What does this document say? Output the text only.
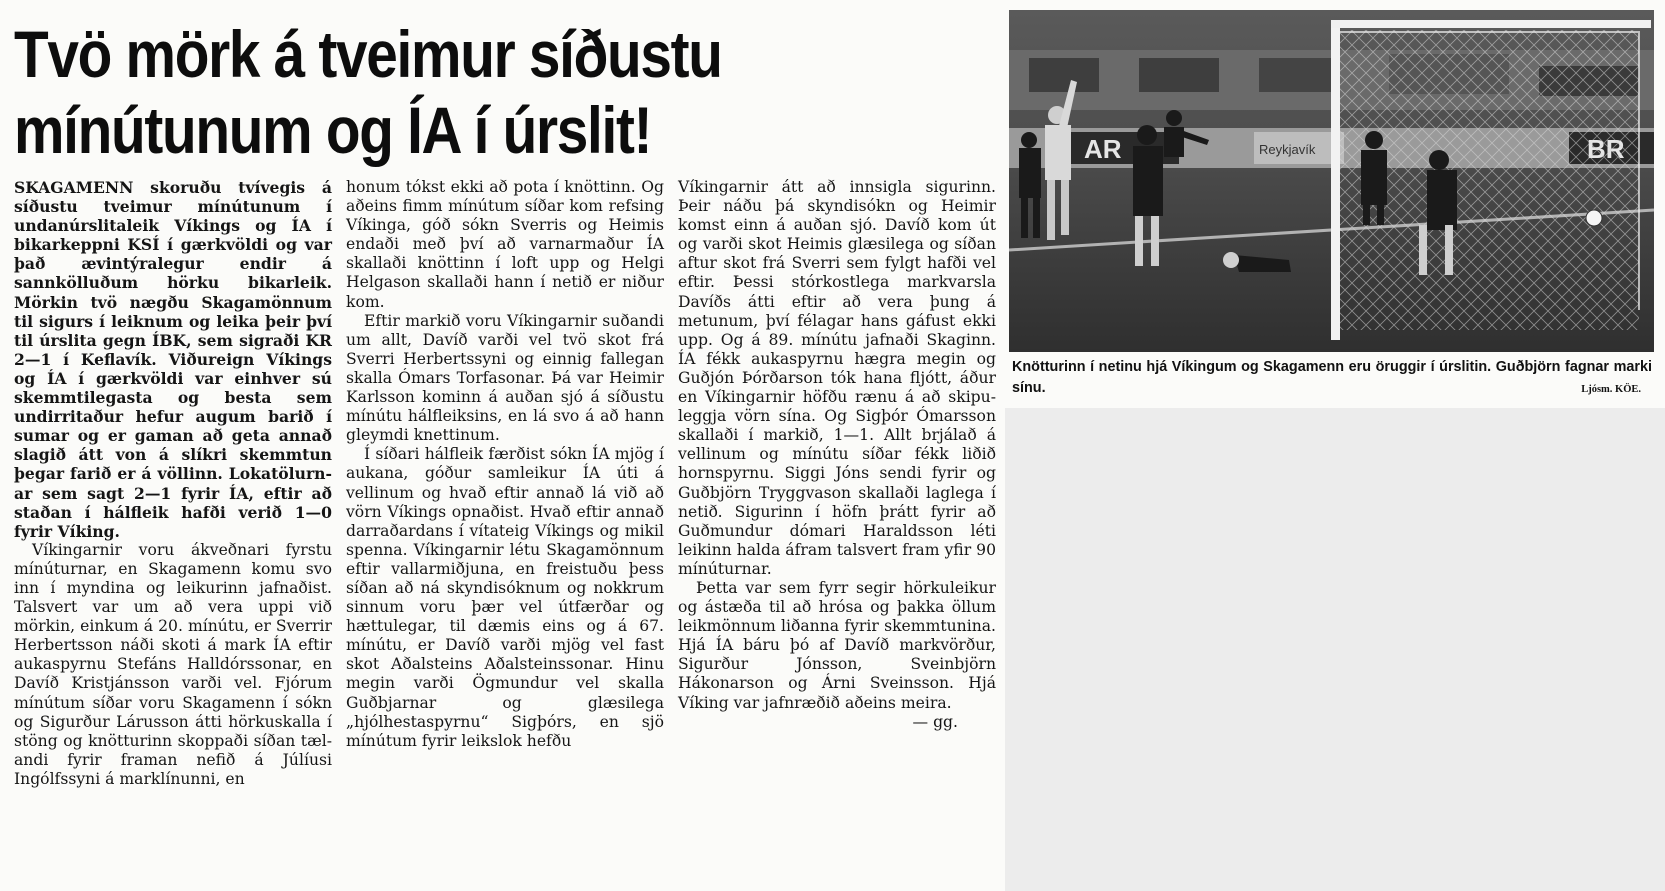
Tvö mörk á tveimur síðustu
mínútunum og ÍA í úrslit!

SKAGAMENN skoruðu tvívegis á síðustu tveimur mínútunum í undanúrslitaleik Víkings og ÍA í bikarkeppni KSÍ í gærkvöldi og var það ævintýralegur endir á sannkölluðum hörku bikarleik. Mörkin tvö nægðu Skagamönnum til sigurs í leiknum og leika þeir því til úrslita gegn ÍBK, sem sigraði KR 2—1 í Keflavík. Viðureign Víkings og ÍA í gærkvöldi var einhver sú skemmtilegasta og besta sem undirritaður hefur augum barið í sumar og er gaman að geta annað slagið átt von á slíkri skemmtun þegar farið er á völlinn. Lokatölurnar sem sagt 2—1 fyrir ÍA, eftir að staðan í hálfleik hafði verið 1—0 fyrir Víking.

Víkingarnir voru ákveðnari fyrstu mínúturnar, en Skagamenn komu svo inn í myndina og leikurinn jafnaðist. Talsvert var um að vera uppi við mörkin, einkum á 20. mínútu, er Sverrir Herbertsson náði skoti á mark ÍA eftir aukaspyrnu Stefáns Halldórssonar, en Davíð Kristjánsson varði vel. Fjórum mínútum síðar voru Skagamenn í sókn og Sigurður Lárusson átti hörkuskalla í stöng og knötturinn skoppaði síðan tælandi fyrir framan nefið á Júlíusi Ingólfssyni á marklínunni, en

honum tókst ekki að pota í knöttinn. Og aðeins fimm mínútum síðar kom refsing Víkinga, góð sókn Sverris og Heimis endaði með því að varnarmaður ÍA skallaði knöttinn í loft upp og Helgi Helgason skallaði hann í netið er niður kom.

Eftir markið voru Víkingarnir suðandi um allt, Davíð varði vel tvö skot frá Sverri Herbertssyni og einnig fallegan skalla Ómars Torfasonar. Þá var Heimir Karlsson kominn á auðan sjó á síðustu mínútu hálfleiksins, en lá svo á að hann gleymdi knettinum.

Í síðari hálfleik færðist sókn ÍA mjög í aukana, góður samleikur ÍA úti á vellinum og hvað eftir annað lá við að vörn Víkings opnaðist. Hvað eftir annað darraðardans í vítateig Víkings og mikil spenna. Víkingarnir létu Skagamönnum eftir vallarmiðjuna, en freistuðu þess síðan að ná skyndisóknum og nokkrum sinnum voru þær vel útfærðar og hættulegar, til dæmis eins og á 67. mínútu, er Davíð varði mjög vel fast skot Aðalsteins Aðalsteinssonar. Hinu megin varði Ögmundur vel skalla Guðbjarnar og glæsilega „hjólhestaspyrnu“ Sigþórs, en sjö mínútum fyrir leikslok hefðu

Víkingarnir átt að innsigla sigurinn. Þeir náðu þá skyndisókn og Heimir komst einn á auðan sjó. Davíð kom út og varði skot Heimis glæsilega og síðan aftur skot frá Sverri sem fylgt hafði vel eftir. Þessi stórkostlega markvarsla Davíðs átti eftir að vera þung á metunum, því félagar hans gáfust ekki upp. Og á 89. mínútu jafnaði Skaginn. ÍA fékk aukaspyrnu hægra megin og Guðjón Þórðarson tók hana fljótt, áður en Víkingarnir höfðu rænu á að skipuleggja vörn sína. Og Sigþór Ómarsson skallaði í markið, 1—1. Allt brjálað á vellinum og mínútu síðar fékk liðið hornspyrnu. Siggi Jóns sendi fyrir og Guðbjörn Tryggvason skallaði laglega í netið. Sigurinn í höfn þrátt fyrir að Guðmundur dómari Haraldsson léti leikinn halda áfram talsvert fram yfir 90 mínúturnar.

Þetta var sem fyrr segir hörkuleikur og ástæða til að hrósa og þakka öllum leikmönnum liðanna fyrir skemmtunina. Hjá ÍA báru þó af Davíð markvörður, Sigurður Jónsson, Sveinbjörn Hákonarson og Árni Sveinsson. Hjá Víking var jafnræðið aðeins meira.

— gg.

AR	Reykjavík
Knötturinn í netinu hjá Víkingum og Skagamenn eru öruggir í úrslitin. Guðbjörn fagnar marki sínu.	Ljósm. KÖE.
